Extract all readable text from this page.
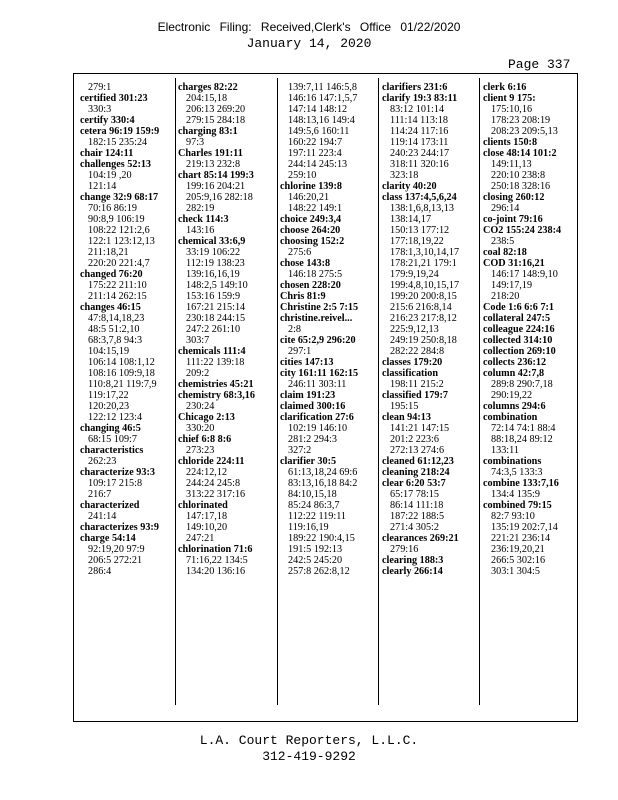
Electronic Filing: Received,Clerk's Office 01/22/2020
January 14, 2020
Page 337
279:1
certified 301:23
330:3
certify 330:4
cetera 96:19 159:9
182:15 235:24
chair 124:11
challenges 52:13
104:19 ,20
121:14
change 32:9 68:17
70:16 86:19
90:8,9 106:19
108:22 121:2,6
122:1 123:12,13
211:18,21
220:20 221:4,7
changed 76:20
175:22 211:10
211:14 262:15
changes 46:15
47:8,14,18,23
48:5 51:2,10
68:3,7,8 94:3
104:15,19
106:14 108:1,12
108:16 109:9,18
110:8,21 119:7,9
119:17,22
120:20,23
122:12 123:4
changing 46:5
68:15 109:7
characteristics
262:23
characterize 93:3
109:17 215:8
216:7
characterized
241:14
characterizes 93:9
charge 54:14
92:19,20 97:9
206:5 272:21
286:4
charges 82:22
204:15,18
206:13 269:20
279:15 284:18
charging 83:1
97:3
Charles 191:11
219:13 232:8
chart 85:14 199:3
199:16 204:21
205:9,16 282:18
282:19
check 114:3
143:16
chemical 33:6,9
33:19 106:22
112:19 138:23
139:16,16,19
148:2,5 149:10
153:16 159:9
167:21 215:14
230:18 244:15
247:2 261:10
303:7
chemicals 111:4
111:22 139:18
209:2
chemistries 45:21
chemistry 68:3,16
230:24
Chicago 2:13
330:20
chief 6:8 8:6
273:23
chloride 224:11
224:12,12
244:24 245:8
313:22 317:16
chlorinated
147:17,18
149:10,20
247:21
chlorination 71:6
71:16,22 134:5
134:20 136:16
139:7,11 146:5,8
146:16 147:1,5,7
147:14 148:12
148:13,16 149:4
149:5,6 160:11
160:22 194:7
197:11 223:4
244:14 245:13
259:10
chlorine 139:8
146:20,21
148:22 149:1
choice 249:3,4
choose 264:20
choosing 152:2
275:6
chose 143:8
146:18 275:5
chosen 228:20
Chris 81:9
Christine 2:5 7:15
christine.reivel...
2:8
cite 65:2,9 296:20
297:1
cities 147:13
city 161:11 162:15
246:11 303:11
claim 191:23
claimed 300:16
clarification 27:6
102:19 146:10
281:2 294:3
327:2
clarifier 30:5
61:13,18,24 69:6
83:13,16,18 84:2
84:10,15,18
85:24 86:3,7
112:22 119:11
119:16,19
189:22 190:4,15
191:5 192:13
242:5 245:20
257:8 262:8,12
clarifiers 231:6
clarify 19:3 83:11
83:12 101:14
111:14 113:18
114:24 117:16
119:14 173:11
240:23 244:17
318:11 320:16
323:18
clarity 40:20
class 137:4,5,6,24
138:1,6,8,13,13
138:14,17
150:13 177:12
177:18,19,22
178:1,3,10,14,17
178:21,21 179:1
179:9,19,24
199:4,8,10,15,17
199:20 200:8,15
215:6 216:8,14
216:23 217:8,12
225:9,12,13
249:19 250:8,18
282:22 284:8
classes 179:20
classification
198:11 215:2
classified 179:7
195:15
clean 94:13
141:21 147:15
201:2 223:6
272:13 274:6
cleaned 61:12,23
cleaning 218:24
clear 6:20 53:7
65:17 78:15
86:14 111:18
187:22 188:5
271:4 305:2
clearances 269:21
279:16
clearing 188:3
clearly 266:14
clerk 6:16
client 9 175:
175:10,16
178:23 208:19
208:23 209:5,13
clients 150:8
close 48:14 101:2
149:11,13
220:10 238:8
250:18 328:16
closing 260:12
296:14
co-joint 79:16
CO2 155:24 238:4
238:5
coal 82:18
COD 31:16,21
146:17 148:9,10
149:17,19
218:20
Code 1:6 6:6 7:1
collateral 247:5
colleague 224:16
collected 314:10
collection 269:10
collects 236:12
column 42:7,8
289:8 290:7,18
290:19,22
columns 294:6
combination
72:14 74:1 88:4
88:18,24 89:12
133:11
combinations
74:3,5 133:3
combine 133:7,16
134:4 135:9
combined 79:15
82:7 93:10
135:19 202:7,14
221:21 236:14
236:19,20,21
266:5 302:16
303:1 304:5
L.A. Court Reporters, L.L.C.
312-419-9292
